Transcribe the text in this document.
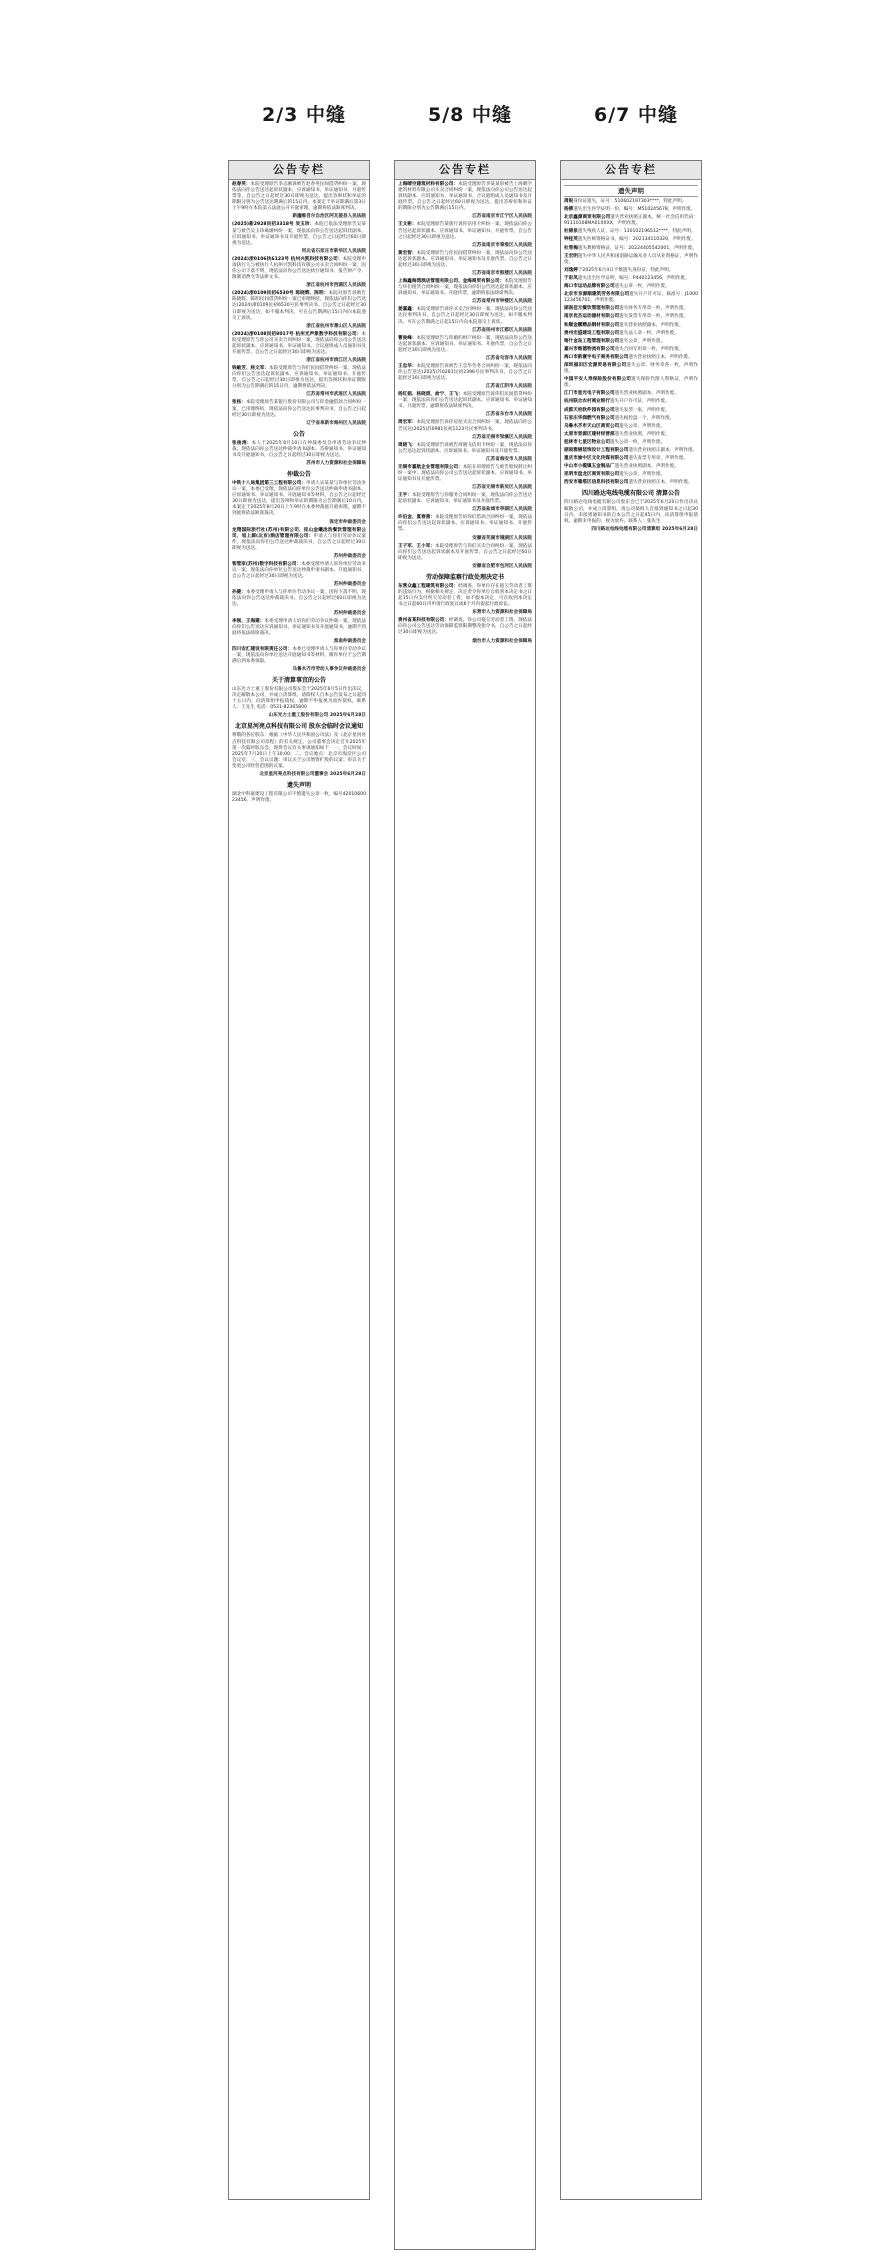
2/3 中缝	5/8 中缝	6/7 中缝
公告专栏

赵春英：本院受理原告李志刚诉被告赵春英民间借贷纠纷一案，现依法向你公告送达起诉状副本、应诉通知书、举证通知书、开庭传票等。自公告之日起经过30日即视为送达。提出答辩状和举证的期限分别为公告送达期满后的15日内。本案定于举证期满后第3日上午9时在本院第五法庭公开开庭审理，逾期将依法缺席判决。

新疆维吾尔自治区阿瓦提县人民法院

(2025)新2928民初3318号 吴玉珍：本院已依法受理原告吴某某与被告吴玉珍离婚纠纷一案，现依法向你公告送达起诉状副本、应诉通知书、举证通知书及开庭传票，自公告之日起经过60日即视为送达。

河北省石家庄市新华区人民法院

(2024)浙0106执6123号 杭州兴凯科技有限公司：本院受理申请执行人与被执行人杭州兴凯科技有限公司买卖合同纠纷一案，因你公司下落不明，现依法向你公告送达执行通知书、报告财产令、限制消费令等法律文书。

浙江省杭州市西湖区人民法院

(2024)浙0109民初6530号 陈晓辉、陈明：本院对原告诉被告陈晓辉、陈明民间借贷纠纷一案已审理终结，现依法向你们公告送达(2024)浙0109民初6530号民事判决书。自公告之日起经过30日即视为送达，如不服本判决，可在公告期满后15日内向本院递交上诉状。

浙江省杭州市萧山区人民法院

(2024)浙0108民初8017号 杭州光声象数字科技有限公司：本院受理原告与你公司买卖合同纠纷一案，现依法向你公司公告送达起诉状副本、应诉通知书、举证通知书、合议庭组成人员通知书及开庭传票，自公告之日起经过30日即视为送达。

浙江省杭州市滨江区人民法院

钱敏芳、杨文军：本院受理原告与你们民间借贷纠纷一案，现依法向你们公告送达起诉状副本、应诉通知书、举证通知书、开庭传票，自公告之日起经过30日即视为送达，提出答辩状和举证期限分别为公告期满后的15日内，逾期将依法判决。

江苏省常州市武进区人民法院

张杨：本院受理原告某银行股份有限公司与你金融借款合同纠纷一案，已审理终结，现依法向你公告送达民事判决书，自公告之日起经过30日即视为送达。

辽宁省阜新市海州区人民法院
公告

张俊涛：本人于2025年6月10日在仲裁委员会申请劳动争议仲裁，现依法向你公告送达仲裁申请书副本、答辩通知书、举证通知书及开庭通知书，自公告之日起经过30日即视为送达。

苏州市人力资源和社会保障局
仲裁公告

中铁十八局集团第三工程有限公司：申请人宋某某与你单位劳动争议一案，本委已受理，现依法向你单位公告送达仲裁申请书副本、应诉通知书、举证通知书、开庭通知书等材料，自公告之日起经过30日即视为送达，提出答辩和举证的期限为公告期满后10日内。本案定于2025年8月20日上午9时在本委仲裁庭开庭审理，逾期不到庭将依法缺席裁决。

保定市仲裁委员会

龙翔国际旅行社(苏州)有限公司、昆山金曦泷浩餐饮管理有限公司、旭上源(北京)酒店管理有限公司：申请人与你们劳动争议案件，现依法向你们公告送达仲裁裁决书，自公告之日起经过30日即视为送达。

苏州仲裁委员会

智管家(苏州)数字科技有限公司：本委受理申请人诉你单位劳动争议一案，现依法向你单位公告送达仲裁申请书副本、开庭通知书，自公告之日起经过30日即视为送达。

苏州仲裁委员会

孙健：本委受理申请人与你单位劳动争议一案，因你下落不明，现依法向你公告送达仲裁裁决书。自公告之日起经过60日即视为送达。

苏州仲裁委员会

李刚、王海建：本委受理申请人诉你们劳动争议仲裁一案，现依法向你们公告送达应诉通知书、举证通知书及开庭通知书，逾期不到庭将依法缺席裁决。

淮南仲裁委员会

四川安汇建设有限责任公司：本委已受理申请人与你单位劳动争议一案，现依法向你单位送达开庭通知书等材料，限你单位于公告期满后到本委领取。

乌鲁木齐市劳动人事争议仲裁委员会
关于清算事宜的公告

山东光力士重工股份有限公司股东会于2025年6月5日作出决议，决定解散本公司，并成立清算组。请债权人自本公告发布之日起四十五日内，向清算组申报债权，逾期不申报视为放弃债权。联系人：王先生 电话：0531-82365800

山东光力士重工股份有限公司 2025年6月28日
北京星河亮点科技有限公司 股东会临时会议通知

尊敬的各位股东：根据《中华人民共和国公司法》及《北京星河亮点科技有限公司章程》的有关规定，公司董事会决定召开2025年第一次临时股东会，现将会议有关事项通知如下：一、会议时间：2025年7月20日上午10:00；二、会议地点：北京市海淀区公司会议室；三、会议议题：审议关于公司增资扩股的议案；审议关于变更公司经营范围的议案。

北京星河亮点科技有限公司董事会 2025年6月28日
遗失声明

湖北中科嘉建设工程有限公司不慎遗失公章一枚，编号4201060023456，声明作废。

公告专栏

上海晴空建筑材料有限公司：本院受理原告李某某诉被告上海晴空建筑材料有限公司买卖合同纠纷一案，现依法向你公司公告送达起诉状副本、应诉通知书、举证通知书、合议庭组成人员通知书及开庭传票。自公告之日起经过60日即视为送达。提出答辩状和举证的期限分别为公告期满后15日内。

江苏省南京市江宁区人民法院

王文彬：本院受理原告某银行诉你信用卡纠纷一案，现依法向你公告送达起诉状副本、应诉通知书、举证通知书、开庭传票，自公告之日起经过30日即视为送达。

江苏省南京市秦淮区人民法院

黄宏智：本院受理原告与你民间借贷纠纷一案，现依法向你公告送达起诉状副本、应诉通知书、举证通知书及开庭传票。自公告之日起经过30日即视为送达。

江苏省南京市鼓楼区人民法院

上海鑫海湾酒店管理有限公司、金海商贸有限公司：本院受理原告与你们租赁合同纠纷一案，现依法向你们公告送达起诉状副本、应诉通知书、举证通知书、开庭传票，逾期将依法缺席判决。

江苏省常州市钟楼区人民法院

姜嘉鑫：本院受理原告诉你买卖合同纠纷一案，现依法向你公告送达民事判决书，自公告之日起经过30日即视为送达，如不服本判决，可在公告期满之日起15日内向本院递交上诉状。

江苏省扬州市江都区人民法院

曹俊峰：本院受理原告与你婚约财产纠纷一案，现依法向你公告送达起诉状副本、应诉通知书、举证通知书、开庭传票，自公告之日起经过30日即视为送达。

江苏省句容市人民法院

王忠华：本院受理原告诉被告王忠华劳务合同纠纷一案，现依法向你公告送达(2025)苏0281民初2396号民事判决书，自公告之日起经过30日即视为送达。

江苏省江阴市人民法院

杨红娟、杨晓清、俞宁、王飞：本院受理原告诉你们民间借贷纠纷一案，现依法向你们公告送达起诉状副本、应诉通知书、举证通知书、开庭传票，逾期将依法缺席判决。

江苏省东台市人民法院

周宏军：本院受理原告诉你房屋买卖合同纠纷一案，现依法向你公告送达(2025)苏0981民初1123号民事判决书。

江苏省无锡市梁溪区人民法院

周晓飞：本院受理原告诉被告周晓飞信用卡纠纷一案，现依法向你公告送达起诉状副本、应诉通知书、举证通知书及开庭传票。

江苏省海安市人民法院

无锡市嘉航企业管理有限公司：本院在审理原告与被告股权转让纠纷一案中，现依法向你公司公告送达起诉状副本、应诉通知书、举证通知书及开庭传票。

江苏省无锡市新吴区人民法院

王宇：本院受理原告与你服务合同纠纷一案，现依法向你公告送达起诉状副本、应诉通知书、举证通知书及开庭传票。

江苏省盐城市亭湖区人民法院

许伯金、夏春燕：本院受理原告诉你们借款合同纠纷一案，现依法向你们公告送达起诉状副本、应诉通知书、举证通知书、开庭传票。

安徽省芜湖市镜湖区人民法院

王子军、王小军：本院受理原告与你们买卖合同纠纷一案，现依法向你们公告送达起诉状副本及开庭传票，自公告之日起经过60日即视为送达。

安徽省合肥市包河区人民法院
劳动保障监察行政处理决定书

东营众鑫工程建筑有限公司：经调查，你单位存在拖欠劳动者工资的违法行为，根据相关规定，决定责令你单位自收到本决定书之日起15日内支付所欠劳动者工资。如不服本决定，可在收到本决定书之日起60日内申请行政复议或6个月内提起行政诉讼。

东营市人力资源和社会保障局

贵州省某科技有限公司：经调查，你公司拖欠劳动者工资，现依法向你公司公告送达劳动保障监察限期整改指令书，自公告之日起经过30日即视为送达。

烟台市人力资源和社会保障局
公告专栏
遗失声明

周锐身份证遗失，证号：510602197303****，特此声明。

杨柳遗失出生医学证明一份，编号：M510245678，声明作废。

北京鑫源商贸有限公司遗失营业执照正副本，统一社会信用代码：91110108MA01XXXX，声明作废。

杜锦泉遗失残疾人证，证号：130102196512****，特此声明。

钟桂英遗失医师资格证书，编号：202134110320，声明作废。

杜雪梅遗失教师资格证，证号：20224405542001，声明作废。

王宏明遗失中华人民共和国道路运输从业人员从业资格证，声明作废。

刘逸婷于2025年6月4日不慎遗失身份证，特此声明。

于彩凤遗失出生医学证明，编号：P440123456，声明作废。

海口市运动品牌有限公司遗失公章一枚，声明作废。

北京市京源顺建筑劳务有限公司遗失开户许可证，核准号：J1000123456701，声明作废。

湖南佳元餐饮管理有限公司遗失财务专用章一枚，声明作废。

南京优杰运动器材有限公司遗失发票专用章一枚，声明作废。

和顺金鹏精品钢材有限公司遗失营业执照副本，声明作废。

贵州宏盛建设工程有限公司遗失法人章一枚，声明作废。

喀什金岛工程管理有限公司遗失公章，声明作废。

嘉兴市维德物流有限公司遗失合同专用章一枚，声明作废。

海口市新寰宇电子商务有限公司遗失营业执照正本，声明作废。

深圳福田区宏源贸易有限公司遗失公章、财务章各一枚，声明作废。

中国平安人寿保险股份有限公司遗失保险代理人资格证，声明作废。

江门市星光电子有限公司遗失营业执照副本，声明作废。

杭州联合农村商业银行遗失开户许可证，声明作废。

成都天府软件园有限公司遗失发票一张，声明作废。

石家庄华润燃气有限公司遗失税控盘一个，声明作废。

乌鲁木齐市天山区商贸公司遗失公章，声明作废。

太原市晋源区建材经营部遗失营业执照，声明作废。

桂林市七星区物业公司遗失公章一枚，声明作废。

湖南雅丽装饰设计工程有限公司遗失营业执照正副本，声明作废。

重庆市渝中区文化传媒有限公司遗失发票专用章，声明作废。

中山市小榄镇五金制品厂遗失营业执照副本，声明作废。

昆明市盘龙区商贸有限公司遗失公章，声明作废。

西安市雁塔区信息科技有限公司遗失营业执照正本，声明作废。

四川路达电线电缆有限公司 清算公告

四川路达电线电缆有限公司股东会已于2025年6月20日作出决议解散公司，并成立清算组。请公司债权人自接到通知书之日起30日内，未接到通知书的自本公告之日起45日内，向清算组申报债权。逾期未申报的，视为放弃。联系人：张先生

四川路达电线电缆有限公司清算组 2025年6月28日
